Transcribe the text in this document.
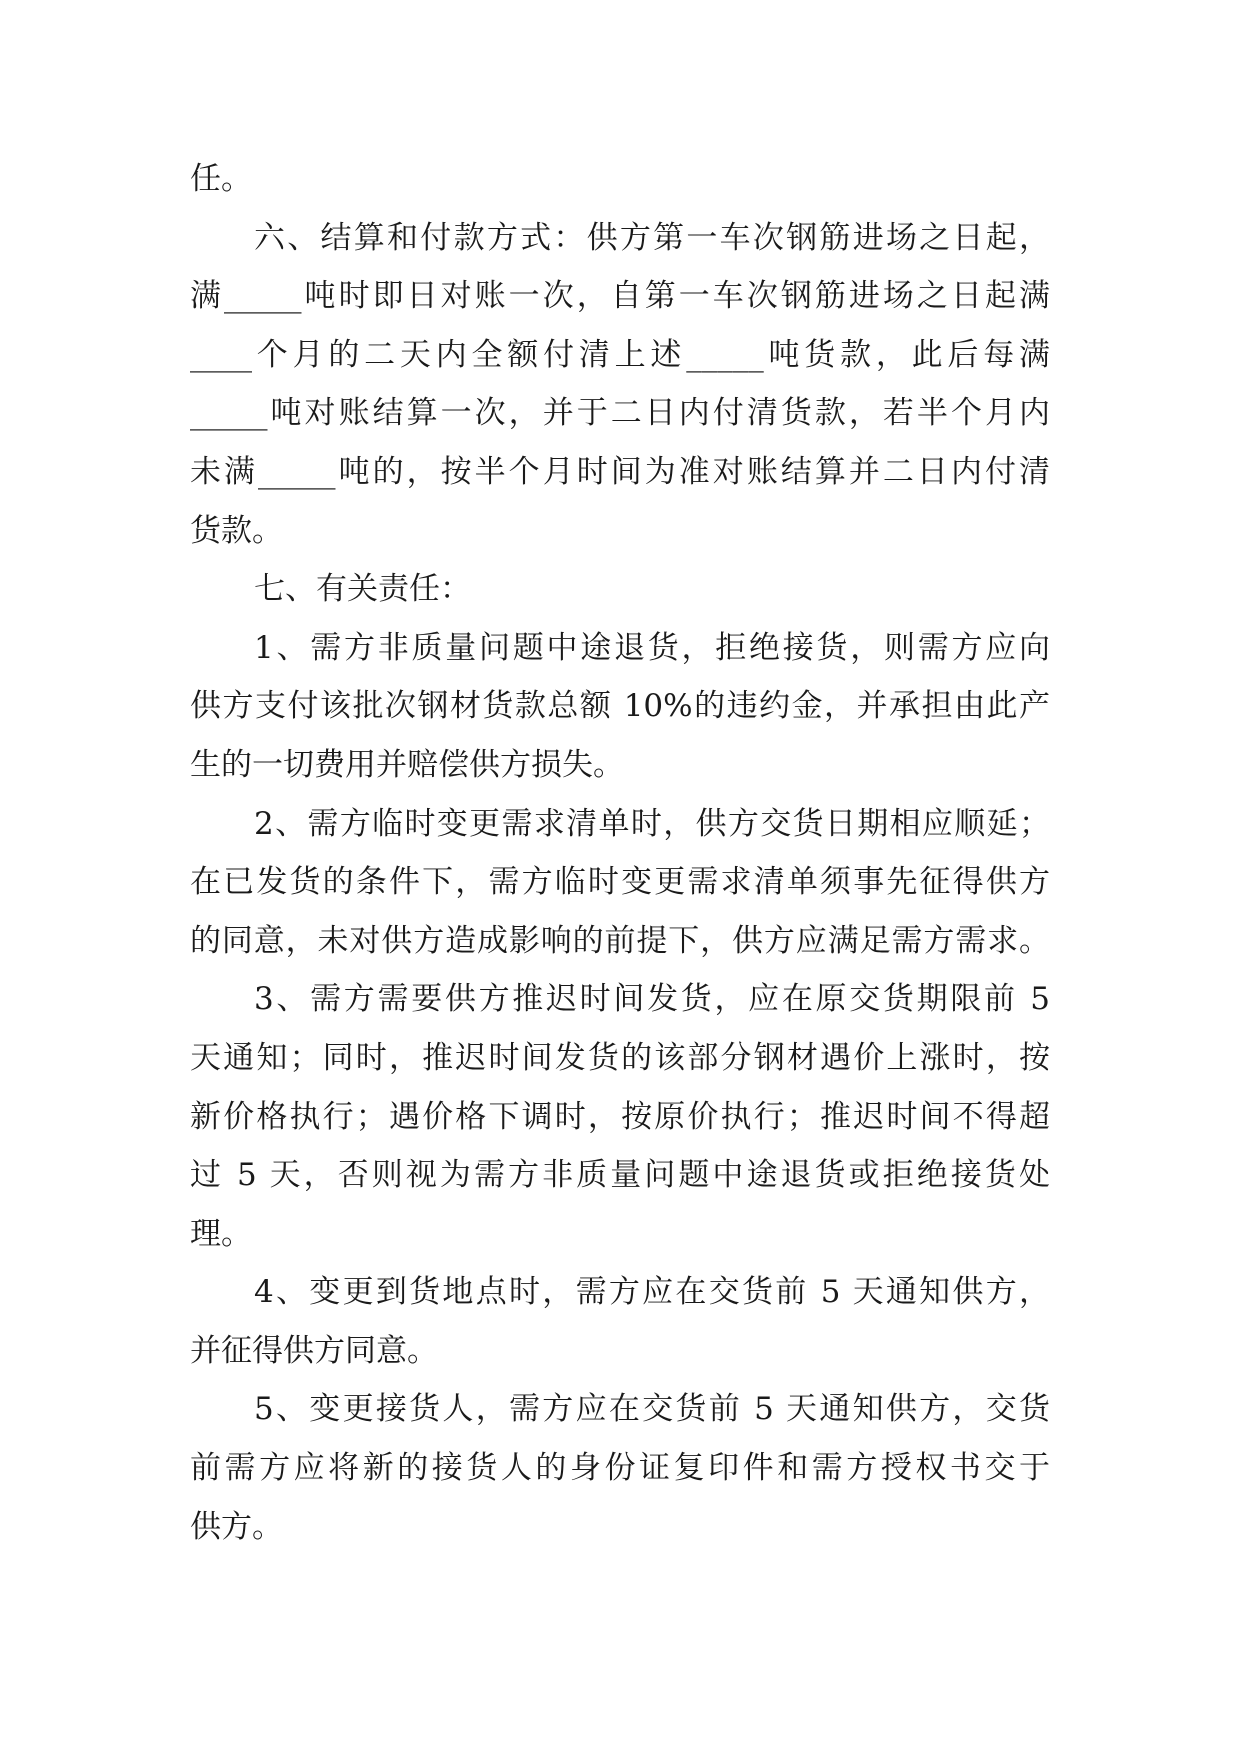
任。
六、结算和付款方式：供方第一车次钢筋进场之日起，
满_____吨时即日对账一次，自第一车次钢筋进场之日起满
____个月的二天内全额付清上述_____吨货款，此后每满
_____吨对账结算一次，并于二日内付清货款，若半个月内
未满_____吨的，按半个月时间为准对账结算并二日内付清
货款。
七、有关责任：
1、需方非质量问题中途退货，拒绝接货，则需方应向
供方支付该批次钢材货款总额 10%的违约金，并承担由此产
生的一切费用并赔偿供方损失。
2、需方临时变更需求清单时，供方交货日期相应顺延；
在已发货的条件下，需方临时变更需求清单须事先征得供方
的同意，未对供方造成影响的前提下，供方应满足需方需求。
3、需方需要供方推迟时间发货，应在原交货期限前 5
天通知；同时，推迟时间发货的该部分钢材遇价上涨时，按
新价格执行；遇价格下调时，按原价执行；推迟时间不得超
过 5 天，否则视为需方非质量问题中途退货或拒绝接货处
理。
4、变更到货地点时，需方应在交货前 5 天通知供方，
并征得供方同意。
5、变更接货人，需方应在交货前 5 天通知供方，交货
前需方应将新的接货人的身份证复印件和需方授权书交于
供方。
